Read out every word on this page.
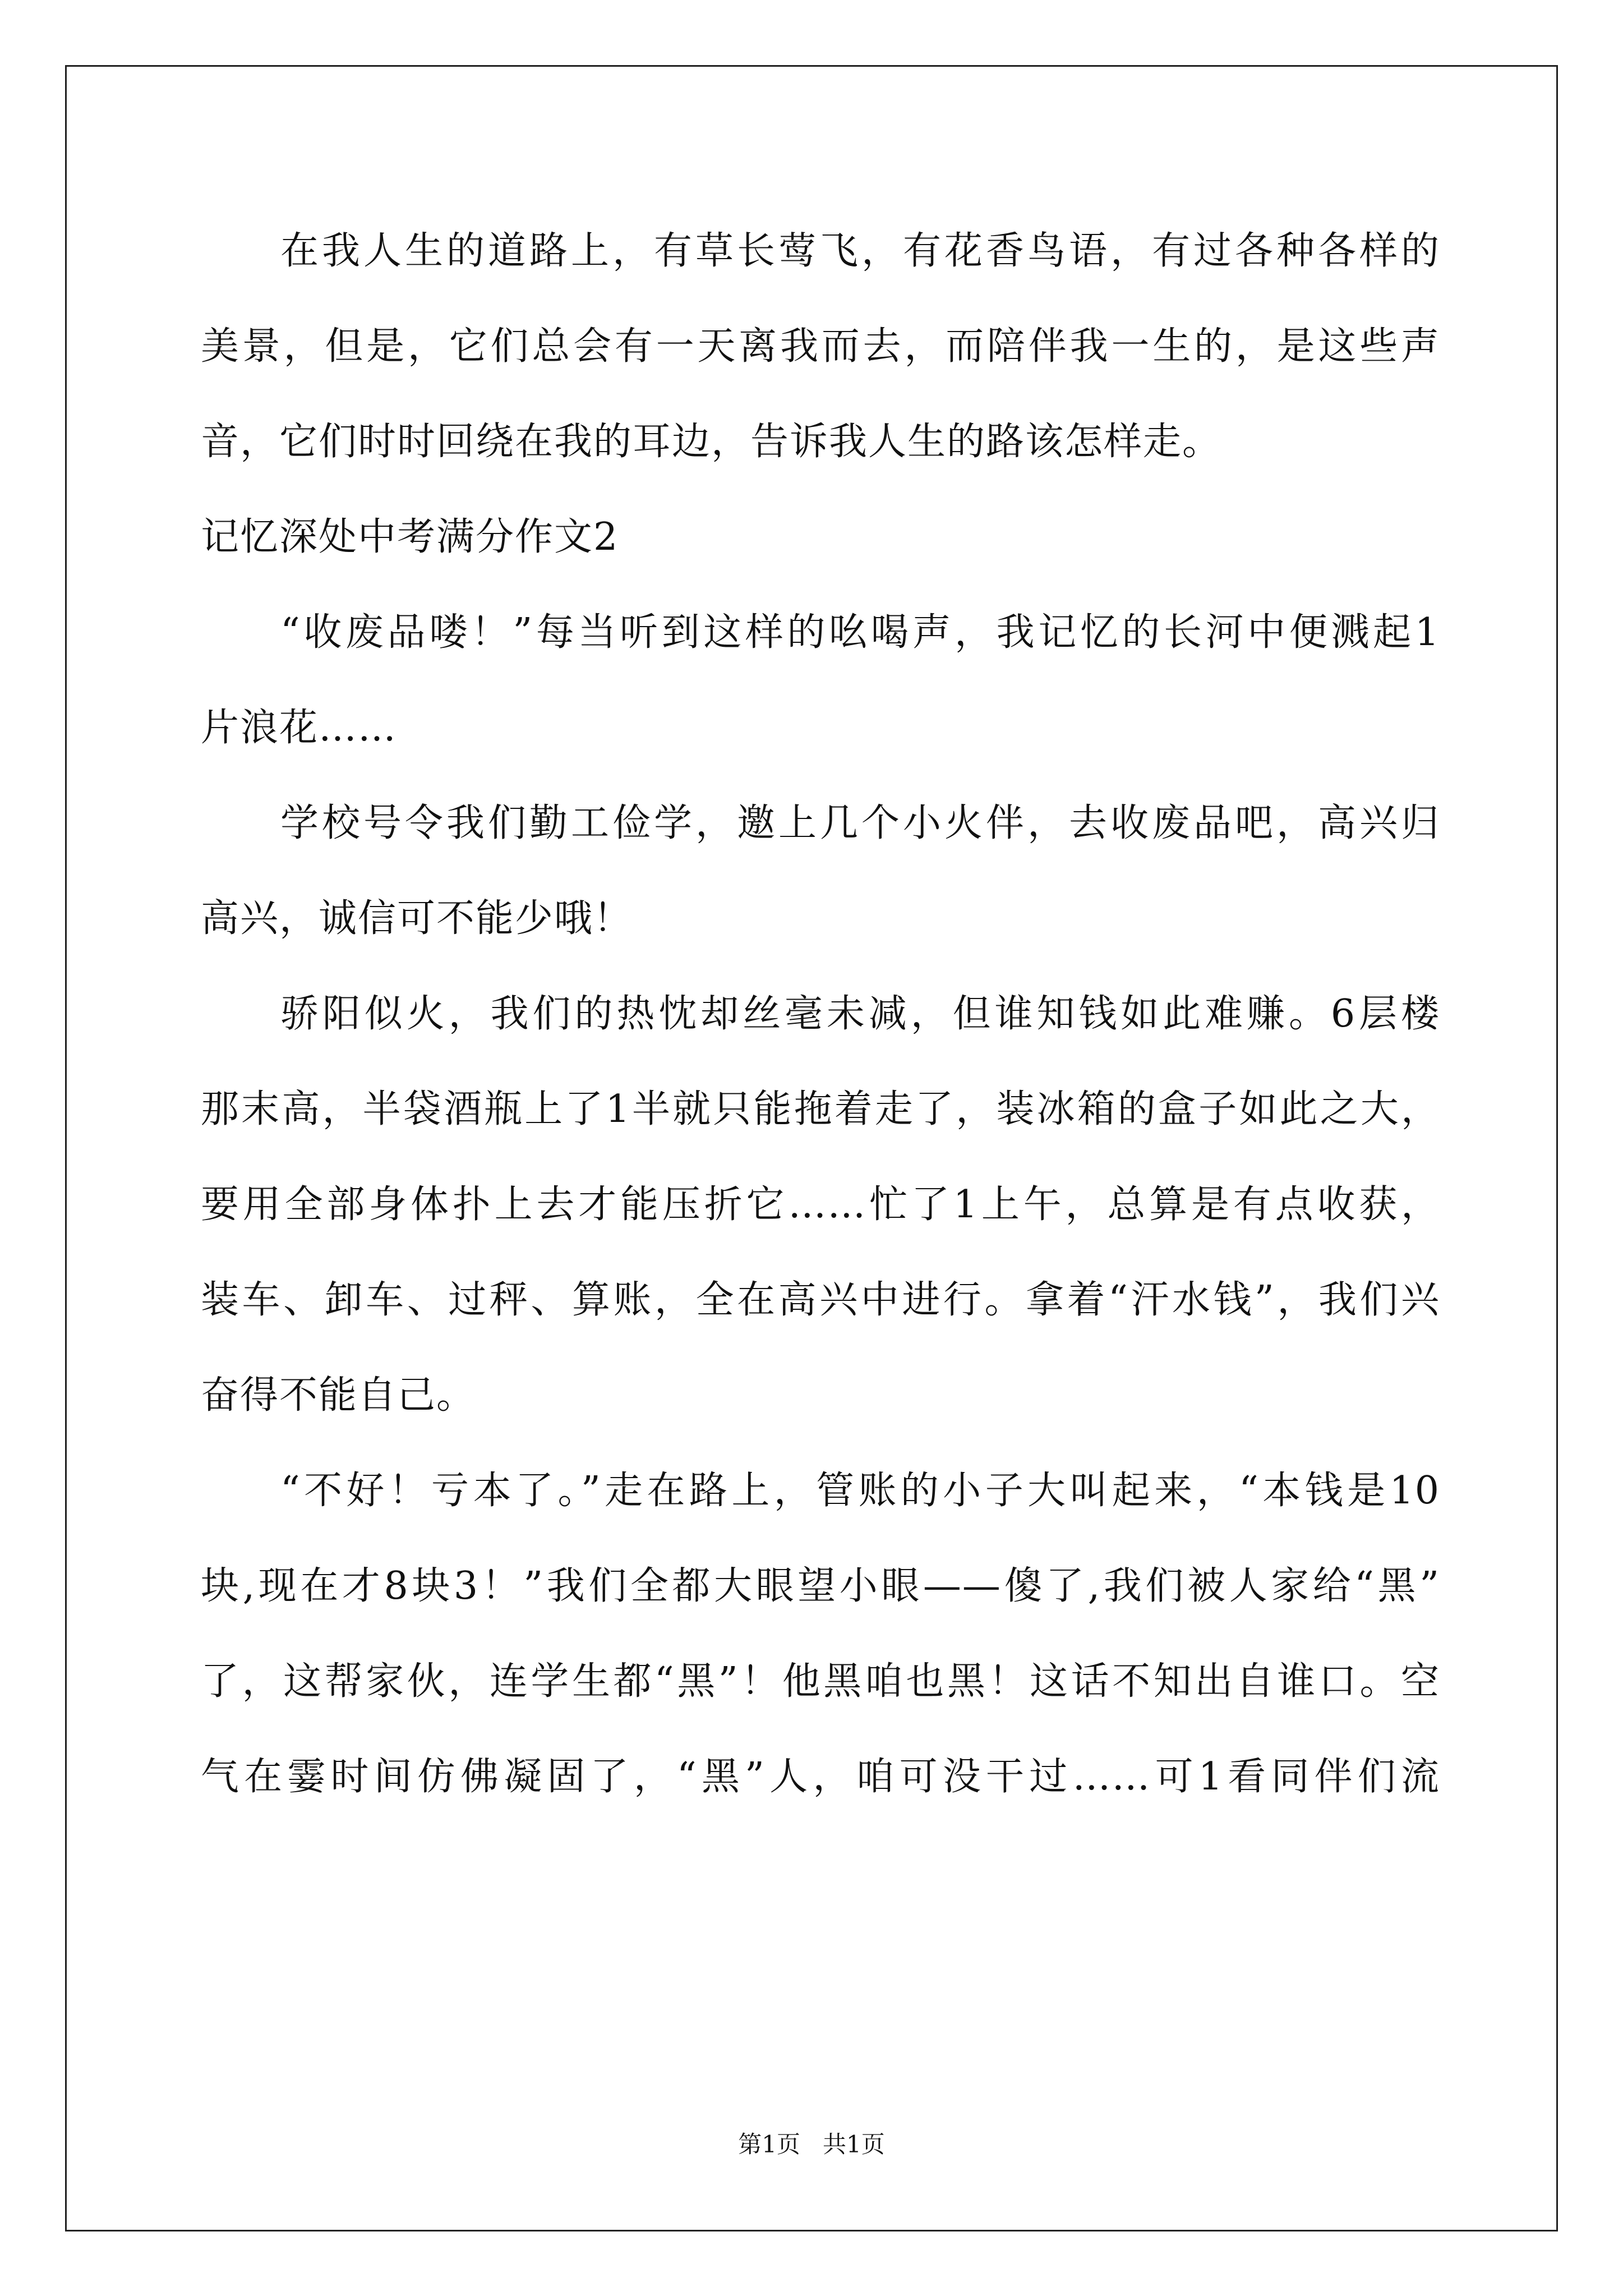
在我人生的道路上，有草长莺飞，有花香鸟语，有过各种各样的
美景，但是，它们总会有一天离我而去，而陪伴我一生的，是这些声
音，它们时时回绕在我的耳边，告诉我人生的路该怎样走。
记忆深处中考满分作文2
“收废品喽！”每当听到这样的吆喝声，我记忆的长河中便溅起1
片浪花……
学校号令我们勤工俭学，邀上几个小火伴，去收废品吧，高兴归
高兴，诚信可不能少哦！
骄阳似火，我们的热忱却丝毫未减，但谁知钱如此难赚。6层楼
那末高，半袋酒瓶上了1半就只能拖着走了，装冰箱的盒子如此之大，
要用全部身体扑上去才能压折它……忙了1上午，总算是有点收获，
装车、卸车、过秤、算账，全在高兴中进行。拿着“汗水钱”，我们兴
奋得不能自己。
“不好！亏本了。”走在路上，管账的小子大叫起来，“本钱是10
块,现在才8块3！”我们全都大眼望小眼——傻了,我们被人家给“黑”
了，这帮家伙，连学生都“黑”！他黑咱也黑！这话不知出自谁口。空
气在霎时间仿佛凝固了，“黑”人，咱可没干过……可1看同伴们流
第1页   共1页
